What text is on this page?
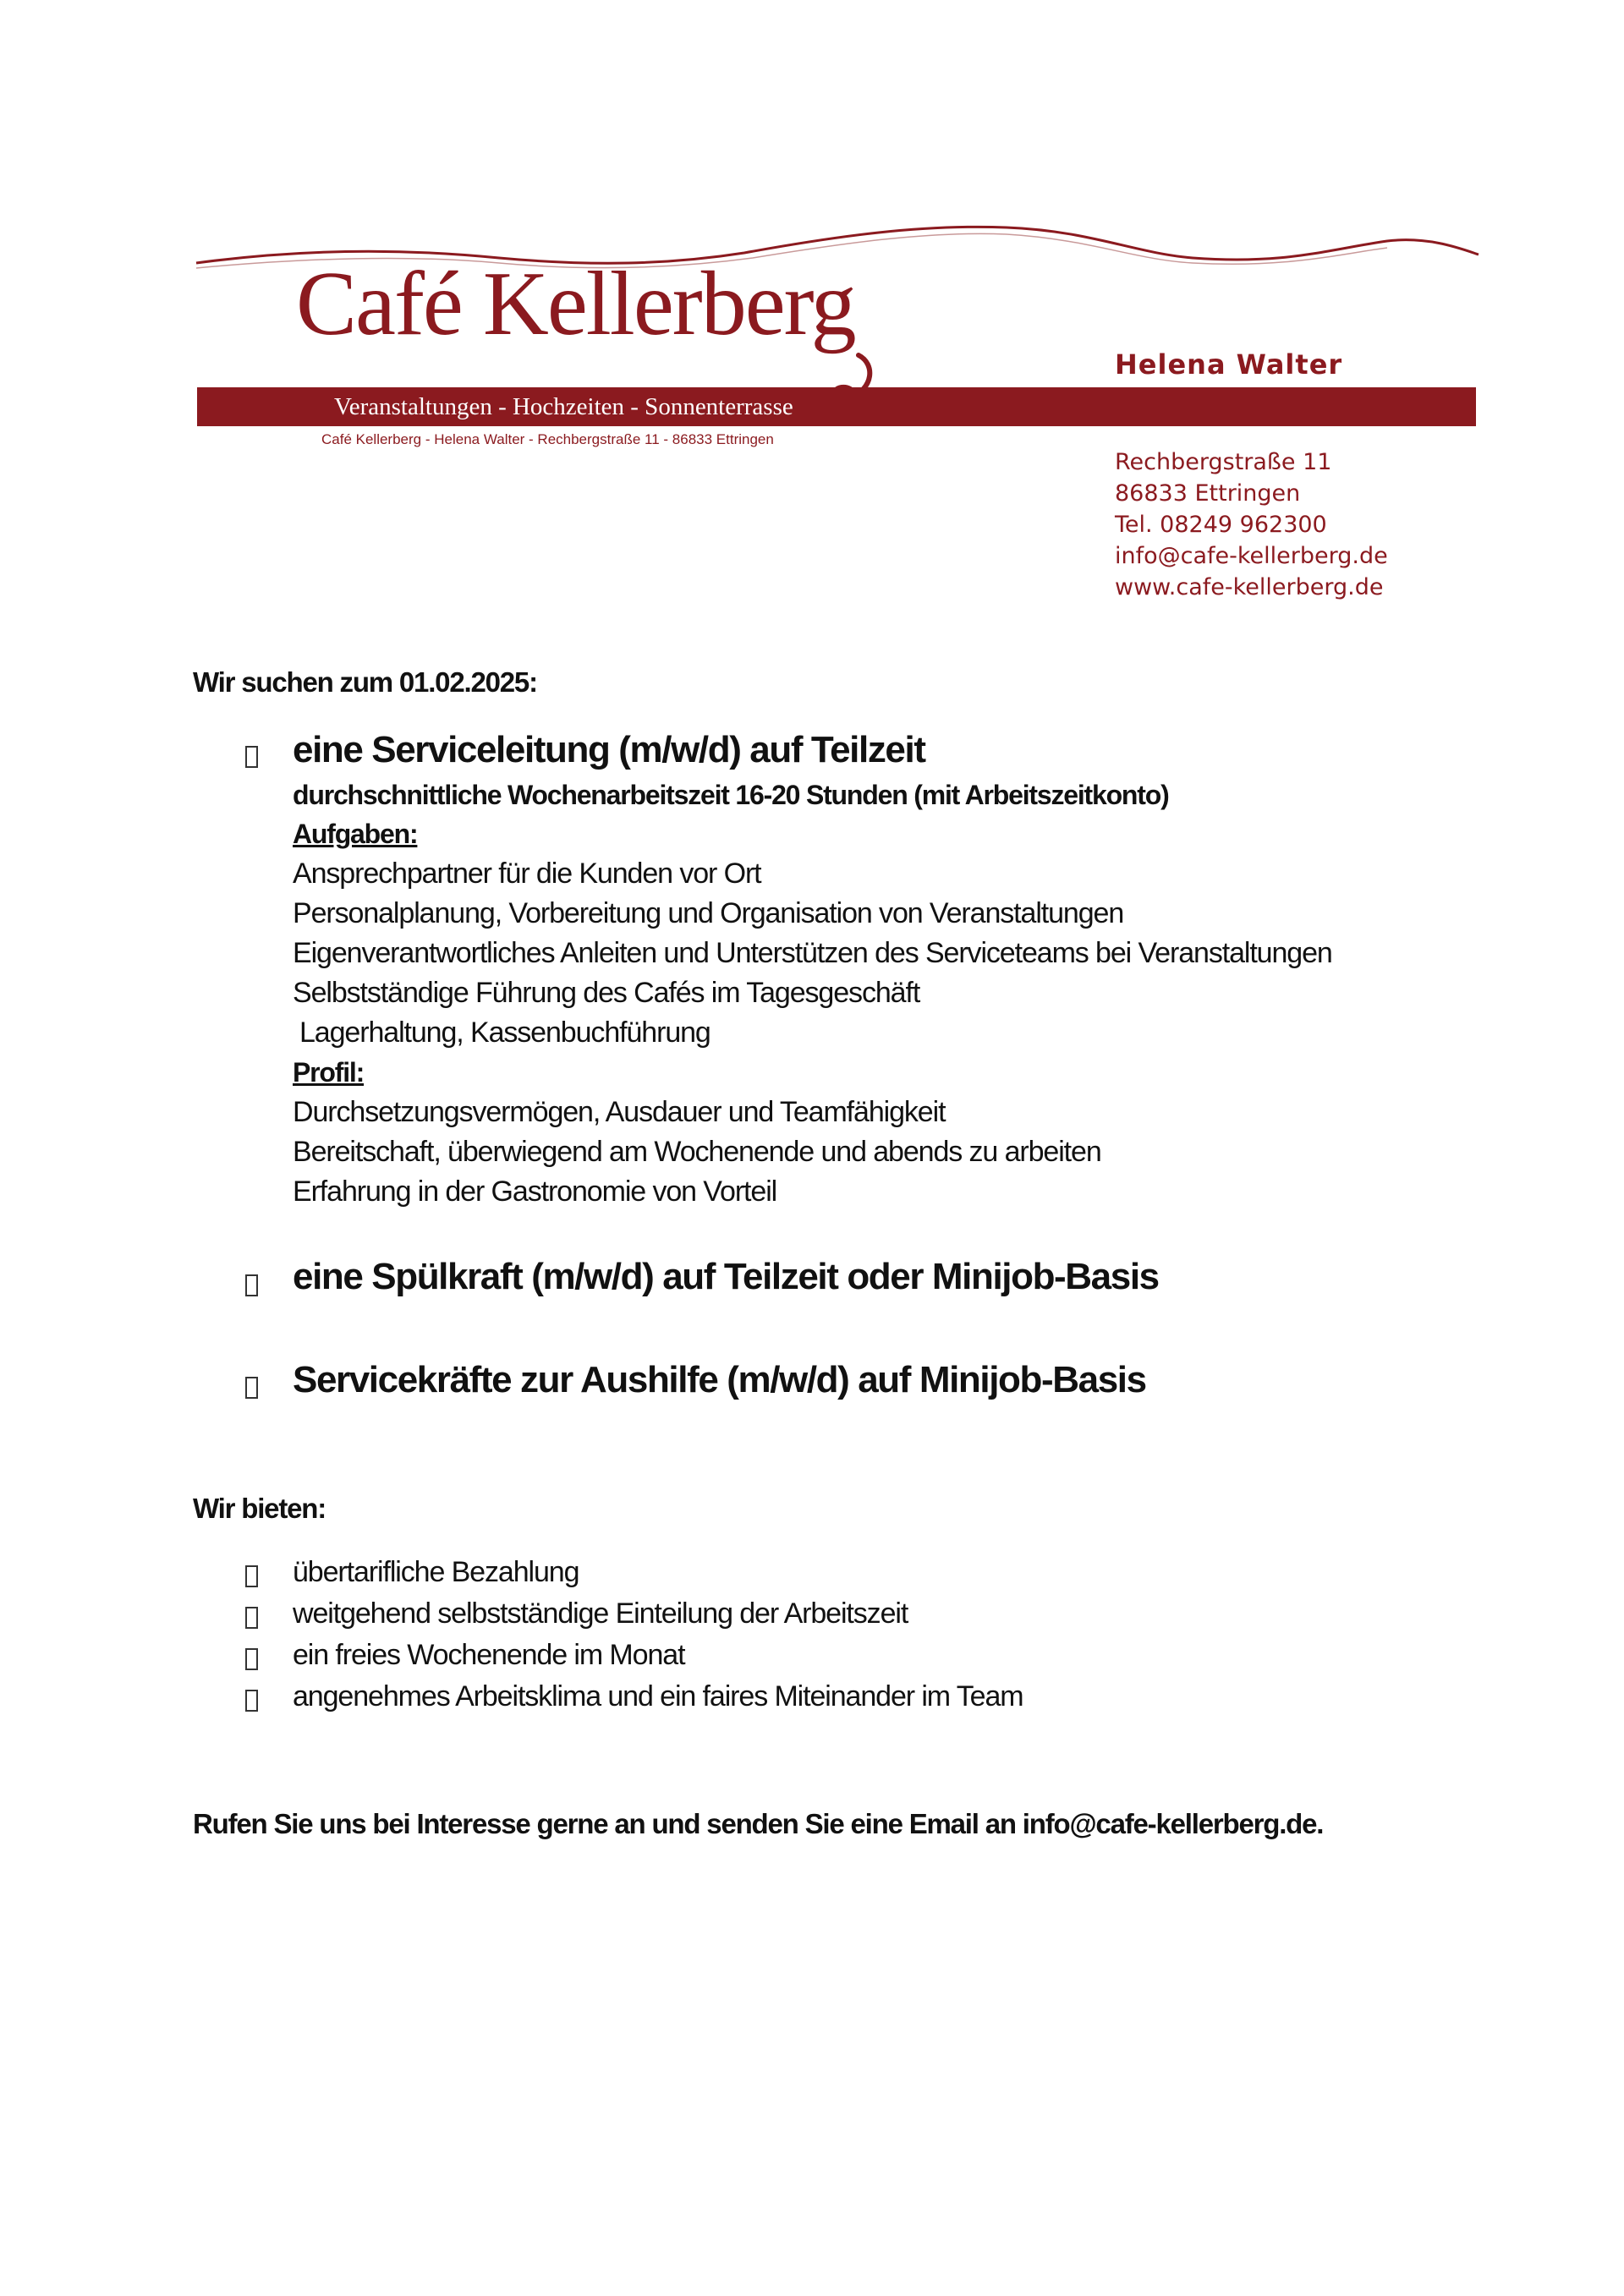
Café Kellerberg
Helena Walter
Veranstaltungen - Hochzeiten - Sonnenterrasse
Café Kellerberg - Helena Walter - Rechbergstraße 11 - 86833 Ettringen
Rechbergstraße 11
86833 Ettringen
Tel. 08249 962300
info@cafe-kellerberg.de
www.cafe-kellerberg.de
Wir suchen zum 01.02.2025:
eine Serviceleitung (m/w/d) auf Teilzeit
durchschnittliche Wochenarbeitszeit 16-20 Stunden (mit Arbeitszeitkonto)
Aufgaben:
Ansprechpartner für die Kunden vor Ort
Personalplanung, Vorbereitung und Organisation von Veranstaltungen
Eigenverantwortliches Anleiten und Unterstützen des Serviceteams bei Veranstaltungen
Selbstständige Führung des Cafés im Tagesgeschäft
Lagerhaltung, Kassenbuchführung
Profil:
Durchsetzungsvermögen, Ausdauer und Teamfähigkeit
Bereitschaft, überwiegend am Wochenende und abends zu arbeiten
Erfahrung in der Gastronomie von Vorteil
eine Spülkraft (m/w/d) auf Teilzeit oder Minijob-Basis
Servicekräfte zur Aushilfe (m/w/d) auf Minijob-Basis
Wir bieten:
übertarifliche Bezahlung
weitgehend selbstständige Einteilung der Arbeitszeit
ein freies Wochenende im Monat
angenehmes Arbeitsklima und ein faires Miteinander im Team
Rufen Sie uns bei Interesse gerne an und senden Sie eine Email an info@cafe-kellerberg.de.
